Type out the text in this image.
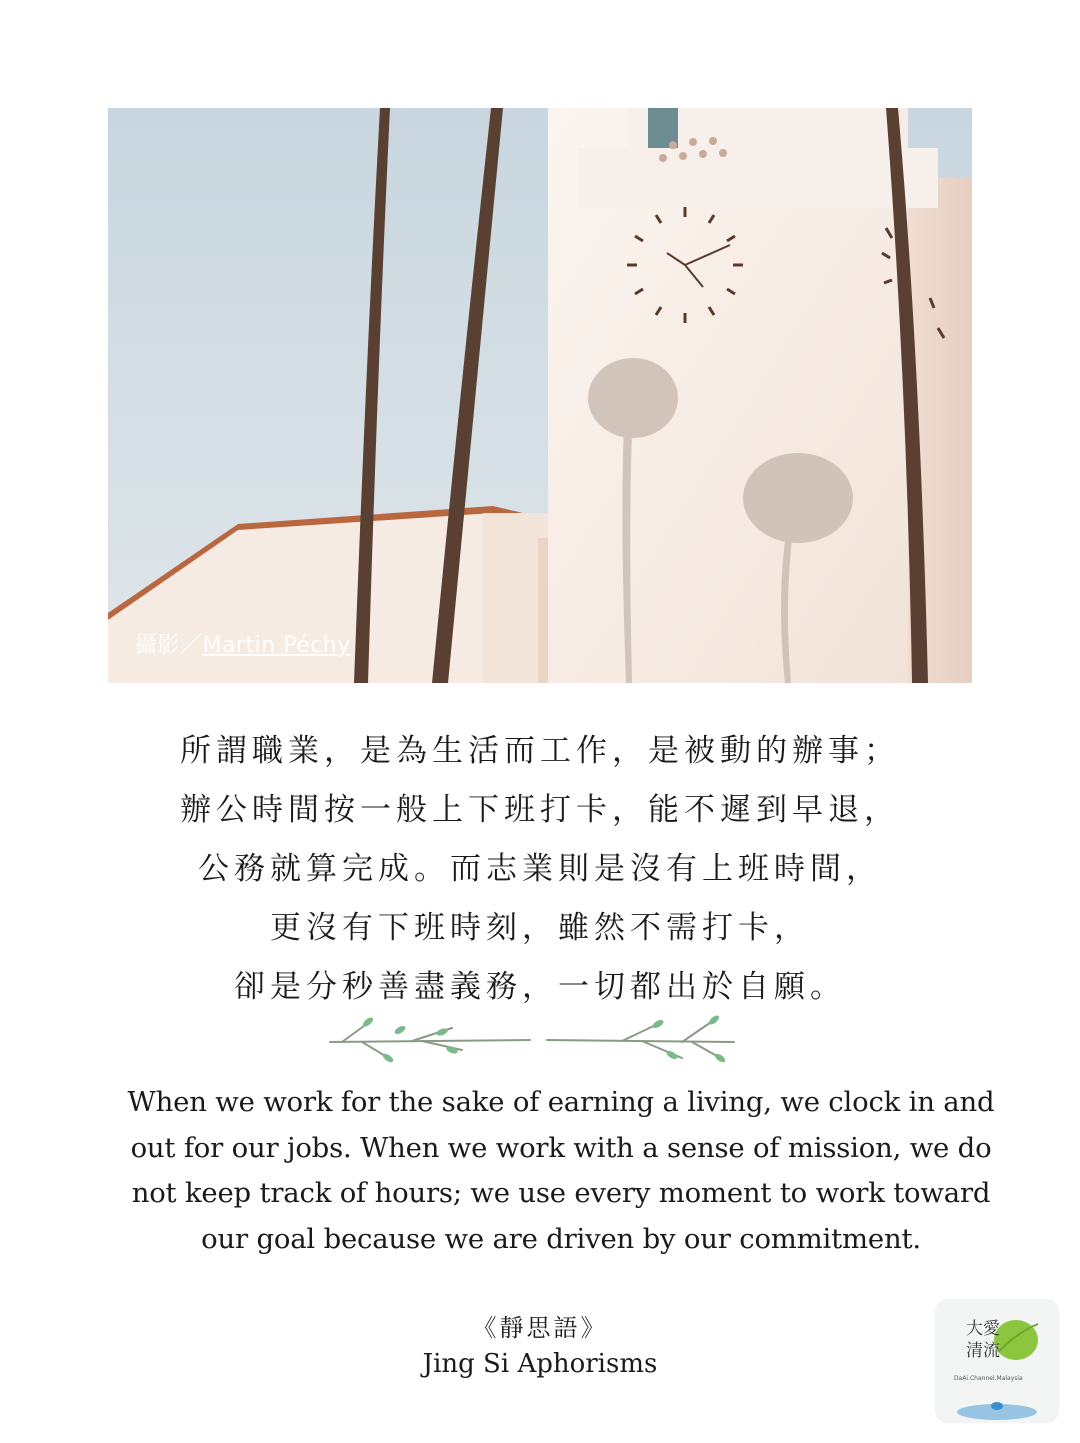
攝影／Martin Péchy
所謂職業，是為生活而工作，是被動的辦事；
辦公時間按一般上下班打卡，能不遲到早退，
公務就算完成。而志業則是沒有上班時間，
更沒有下班時刻，雖然不需打卡，
卻是分秒善盡義務，一切都出於自願。
When we work for the sake of earning a living, we clock in and
out for our jobs. When we work with a sense of mission, we do
not keep track of hours; we use every moment to work toward
our goal because we are driven by our commitment.
《靜思語》
Jing Si Aphorisms
大愛
清流
DaAi.Channel.Malaysia
